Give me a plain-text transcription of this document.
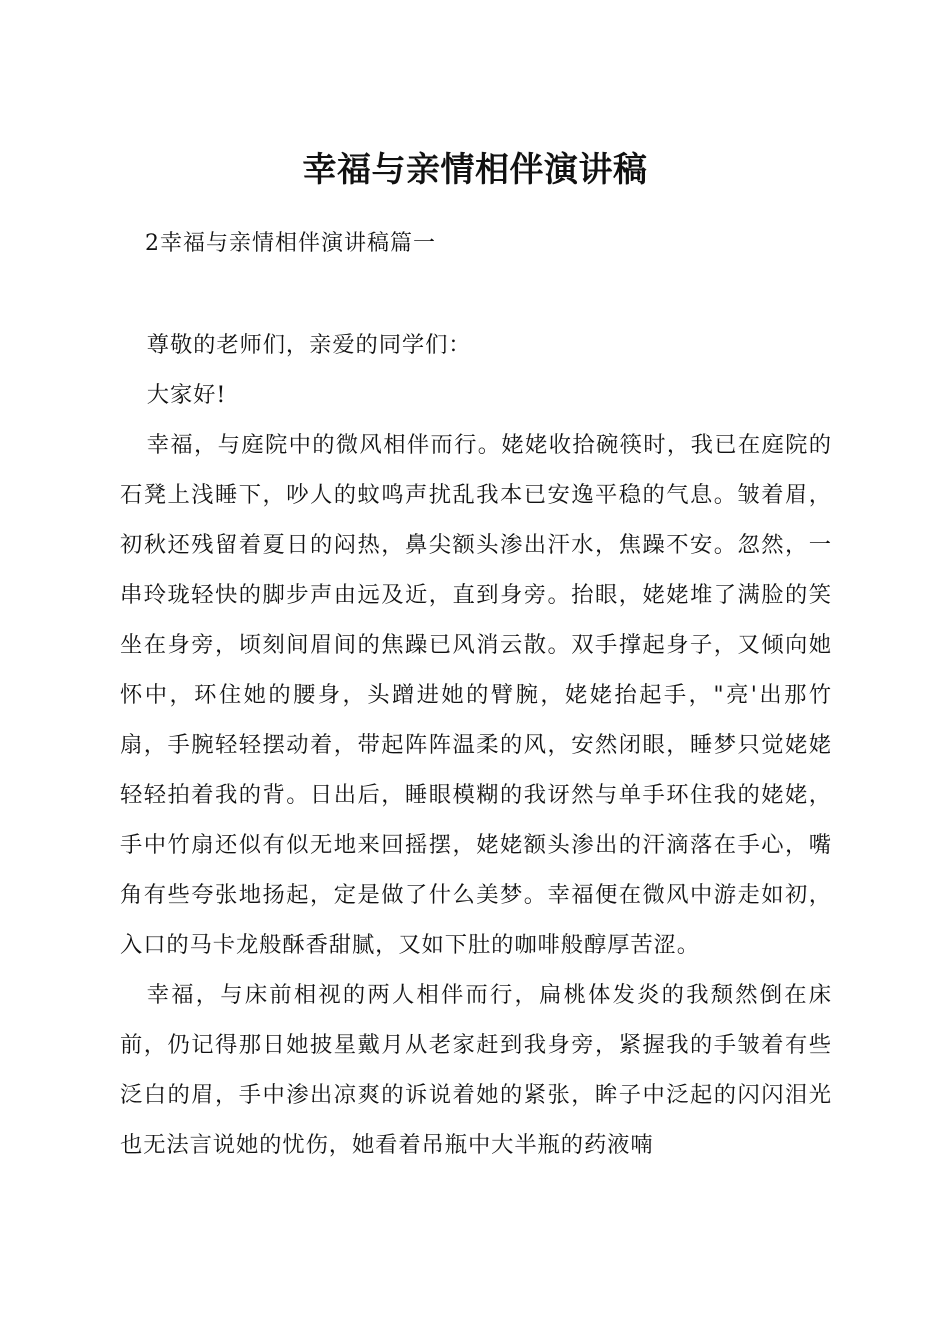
幸福与亲情相伴演讲稿
2幸福与亲情相伴演讲稿篇一

尊敬的老师们，亲爱的同学们：

大家好!

幸福，与庭院中的微风相伴而行。姥姥收拾碗筷时，我已在庭院的石凳上浅睡下，吵人的蚊鸣声扰乱我本已安逸平稳的气息。皱着眉，初秋还残留着夏日的闷热，鼻尖额头渗出汗水，焦躁不安。忽然，一串玲珑轻快的脚步声由远及近，直到身旁。抬眼，姥姥堆了满脸的笑坐在身旁，顷刻间眉间的焦躁已风消云散。双手撑起身子，又倾向她怀中，环住她的腰身，头蹭进她的臂腕，姥姥抬起手，"亮'出那竹扇，手腕轻轻摆动着，带起阵阵温柔的风，安然闭眼，睡梦只觉姥姥轻轻拍着我的背。日出后，睡眼模糊的我讶然与单手环住我的姥姥，手中竹扇还似有似无地来回摇摆，姥姥额头渗出的汗滴落在手心，嘴角有些夸张地扬起，定是做了什么美梦。幸福便在微风中游走如初，入口的马卡龙般酥香甜腻，又如下肚的咖啡般醇厚苦涩。

幸福，与床前相视的两人相伴而行，扁桃体发炎的我颓然倒在床前，仍记得那日她披星戴月从老家赶到我身旁，紧握我的手皱着有些泛白的眉，手中渗出凉爽的诉说着她的紧张，眸子中泛起的闪闪泪光也无法言说她的忧伤，她看着吊瓶中大半瓶的药液喃
